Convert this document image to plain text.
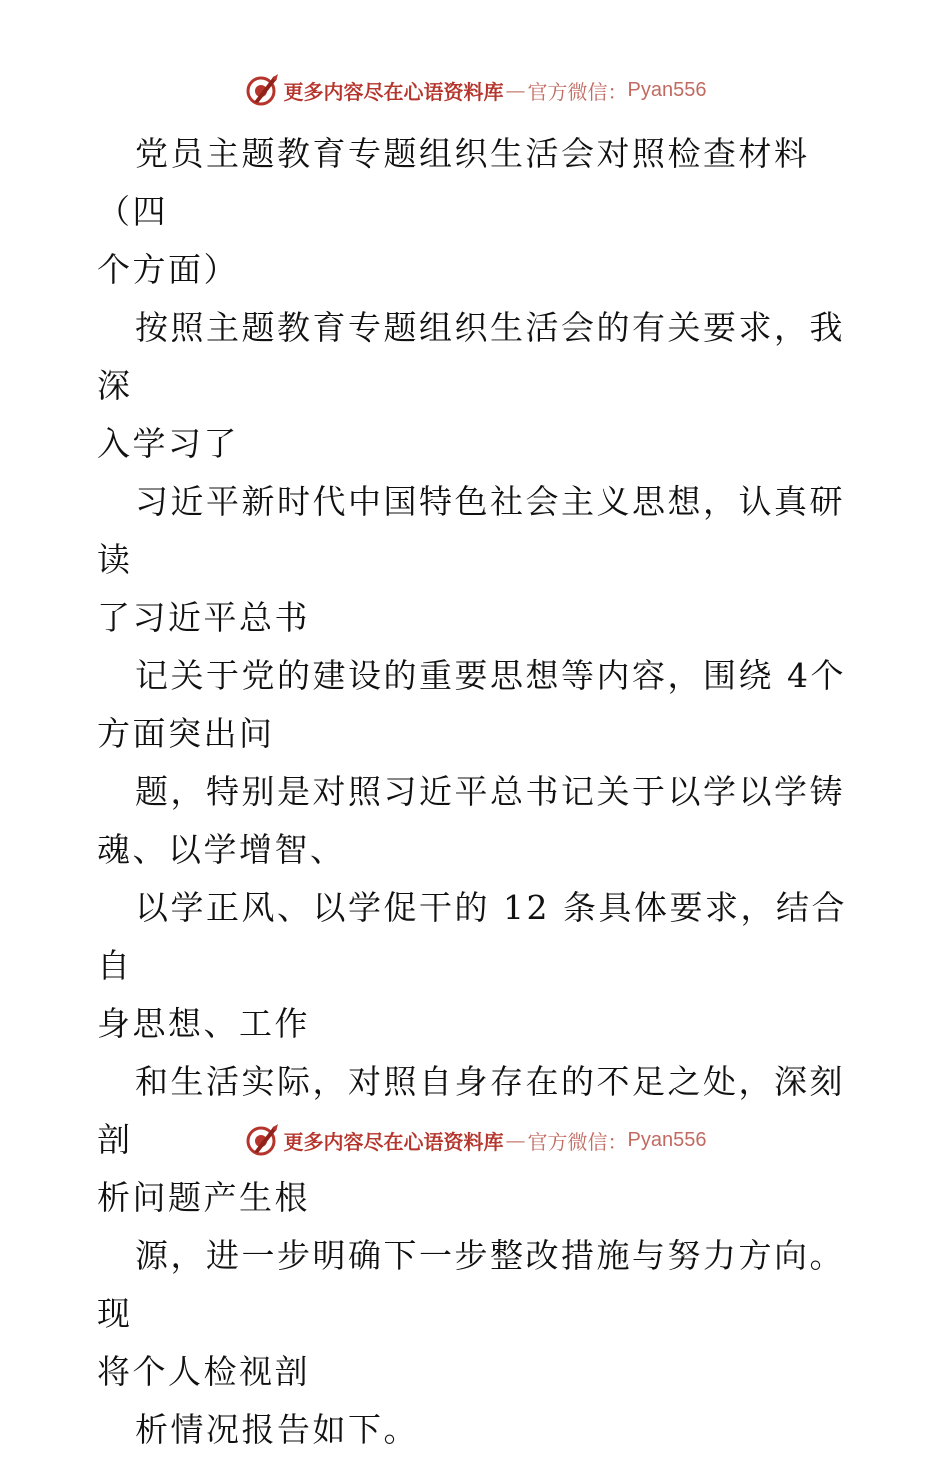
更多内容尽在心语资料库 — 官方微信： Pyan556

党员主题教育专题组织生活会对照检查材料（四
个方面）

按照主题教育专题组织生活会的有关要求，我深
入学习了

习近平新时代中国特色社会主义思想，认真研读
了习近平总书

记关于党的建设的重要思想等内容，围绕 4个
方面突出问

题，特别是对照习近平总书记关于以学以学铸
魂、以学增智、

以学正风、以学促干的 12 条具体要求，结合自
身思想、工作

和生活实际，对照自身存在的不足之处，深刻剖
析问题产生根

源，进一步明确下一步整改措施与努力方向。现
将个人检视剖

析情况报告如下。

更多内容尽在心语资料库 — 官方微信： Pyan556
